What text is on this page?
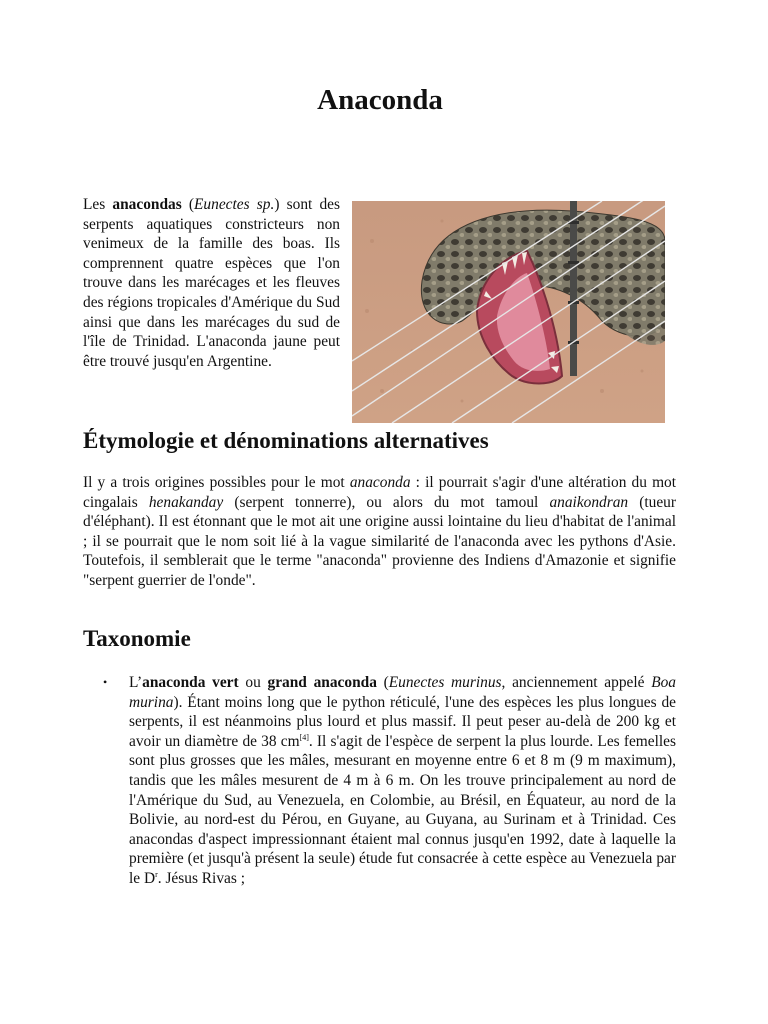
Anaconda

Les anacondas (Eunectes sp.) sont des serpents aquatiques constricteurs non venimeux de la famille des boas. Ils comprennent quatre espèces que l'on trouve dans les marécages et les fleuves des régions tropicales d'Amérique du Sud ainsi que dans les marécages du sud de l'île de Trinidad. L'anaconda jaune peut être trouvé jusqu'en Argentine.

Étymologie et dénominations alternatives

Il y a trois origines possibles pour le mot anaconda : il pourrait s'agir d'une altération du mot cingalais henakanday (serpent tonnerre), ou alors du mot tamoul anaikondran (tueur d'éléphant). Il est étonnant que le mot ait une origine aussi lointaine du lieu d'habitat de l'animal ; il se pourrait que le nom soit lié à la vague similarité de l'anaconda avec les pythons d'Asie. Toutefois, il semblerait que le terme "anaconda" provienne des Indiens d'Amazonie et signifie "serpent guerrier de l'onde".

Taxonomie
• L’anaconda vert ou grand anaconda (Eunectes murinus, anciennement appelé Boa murina). Étant moins long que le python réticulé, l'une des espèces les plus longues de serpents, il est néanmoins plus lourd et plus massif. Il peut peser au-delà de 200 kg et avoir un diamètre de 38 cm[4]. Il s'agit de l'espèce de serpent la plus lourde. Les femelles sont plus grosses que les mâles, mesurant en moyenne entre 6 et 8 m (9 m maximum), tandis que les mâles mesurent de 4 m à 6 m. On les trouve principalement au nord de l'Amérique du Sud, au Venezuela, en Colombie, au Brésil, en Équateur, au nord de la Bolivie, au nord-est du Pérou, en Guyane, au Guyana, au Surinam et à Trinidad. Ces anacondas d'aspect impressionnant étaient mal connus jusqu'en 1992, date à laquelle la première (et jusqu'à présent la seule) étude fut consacrée à cette espèce au Venezuela par le $D^r$. Jésus Rivas ;
